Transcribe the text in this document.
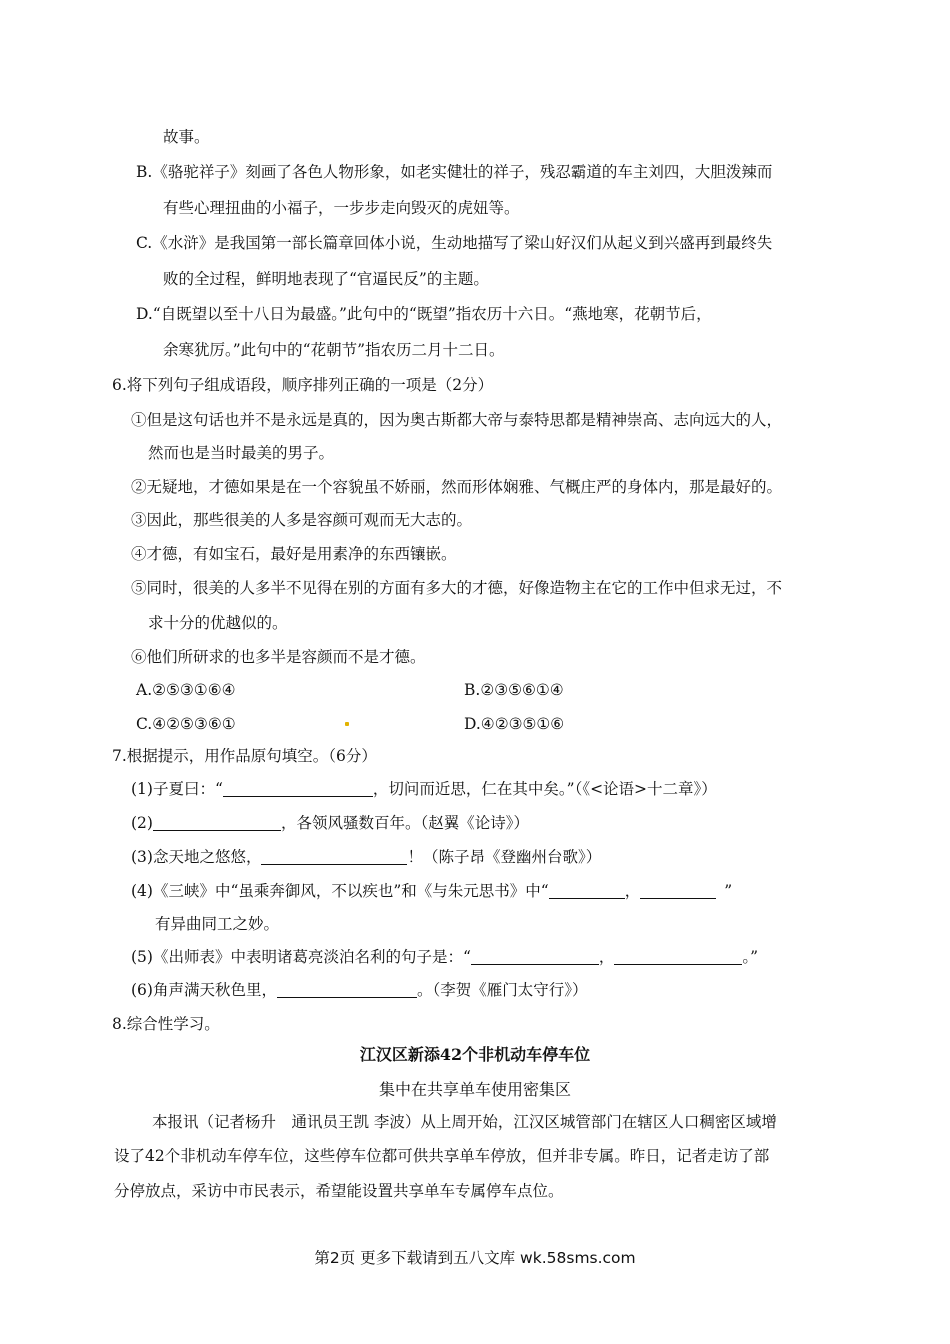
故事。
B.《骆驼祥子》刻画了各色人物形象，如老实健壮的祥子，残忍霸道的车主刘四，大胆泼辣而
有些心理扭曲的小福子，一步步走向毁灭的虎妞等。
C.《水浒》是我国第一部长篇章回体小说，生动地描写了梁山好汉们从起义到兴盛再到最终失
败的全过程，鲜明地表现了“官逼民反”的主题。
D.“自既望以至十八日为最盛。”此句中的“既望”指农历十六日。“燕地寒，花朝节后，
余寒犹厉。”此句中的“花朝节”指农历二月十二日。
6.将下列句子组成语段，顺序排列正确的一项是（2分）
①但是这句话也并不是永远是真的，因为奥古斯都大帝与泰特思都是精神崇高、志向远大的人，
然而也是当时最美的男子。
②无疑地，才德如果是在一个容貌虽不娇丽，然而形体娴雅、气概庄严的身体内，那是最好的。
③因此，那些很美的人多是容颜可观而无大志的。
④才德，有如宝石，最好是用素净的东西镶嵌。
⑤同时，很美的人多半不见得在别的方面有多大的才德，好像造物主在它的工作中但求无过，不
求十分的优越似的。
⑥他们所研求的也多半是容颜而不是才德。
A.②⑤③①⑥④	B.②③⑤⑥①④
C.④②⑤③⑥①	D.④②③⑤①⑥
7.根据提示，用作品原句填空。（6分）
(1)子夏曰：“	，切问而近思，仁在其中矣。”（《<论语>十二章》）
(2)	，各领风骚数百年。（赵翼《论诗》）
(3)念天地之悠悠，	！（陈子昂《登幽州台歌》）
(4)《三峡》中“虽乘奔御风，不以疾也”和《与朱元思书》中“	，	”
有异曲同工之妙。
(5)《出师表》中表明诸葛亮淡泊名利的句子是：“	，	。”
(6)角声满天秋色里，	。（李贺《雁门太守行》）
8.综合性学习。
江汉区新添42个非机动车停车位
集中在共享单车使用密集区
本报讯（记者杨升　通讯员王凯 李波）从上周开始，江汉区城管部门在辖区人口稠密区域增
设了42个非机动车停车位，这些停车位都可供共享单车停放，但并非专属。昨日，记者走访了部
分停放点，采访中市民表示，希望能设置共享单车专属停车点位。
第2页 更多下载请到五八文库 wk.58sms.com
